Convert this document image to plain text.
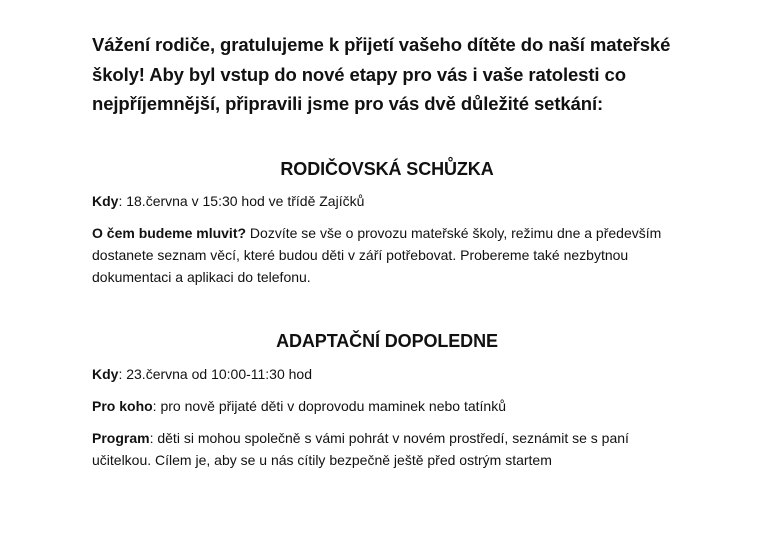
Vážení rodiče, gratulujeme k přijetí vašeho dítěte do naší mateřské školy! Aby byl vstup do nové etapy pro vás i vaše ratolesti co nejpříjemnější, připravili jsme pro vás dvě důležité setkání:

RODIČOVSKÁ SCHŮZKA

Kdy: 18.června v 15:30 hod ve třídě Zajíčků

O čem budeme mluvit? Dozvíte se vše o provozu mateřské školy, režimu dne a především dostanete seznam věcí, které budou děti v září potřebovat. Probereme také nezbytnou dokumentaci a aplikaci do telefonu.

ADAPTAČNÍ DOPOLEDNE

Kdy: 23.června od 10:00-11:30 hod

Pro koho: pro nově přijaté děti v doprovodu maminek nebo tatínků

Program: děti si mohou společně s vámi pohrát v novém prostředí, seznámit se s paní učitelkou. Cílem je, aby se u nás cítily bezpečně ještě před ostrým startem
